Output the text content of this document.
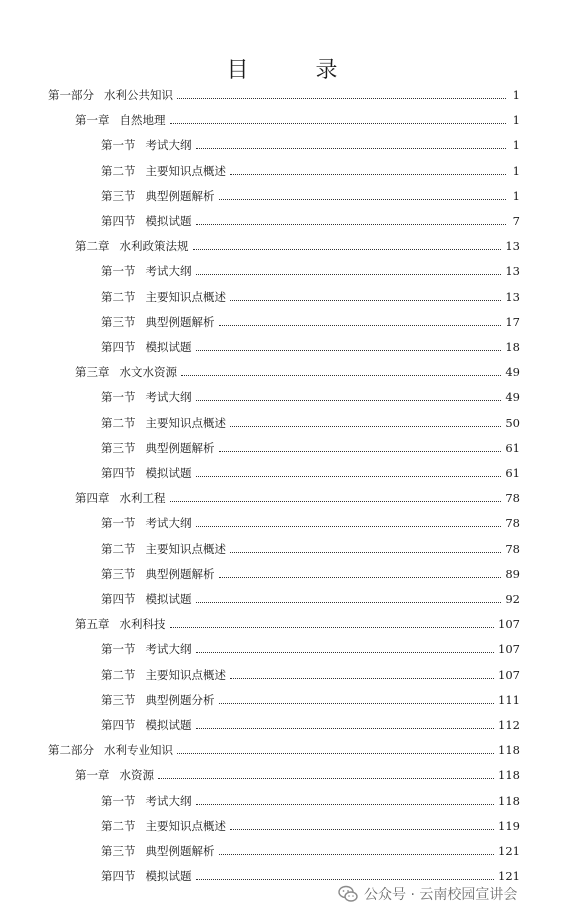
目 录
第一部分 水利公共知识	1
第一章 自然地理	1
第一节 考试大纲	1
第二节 主要知识点概述	1
第三节 典型例题解析	1
第四节 模拟试题	7
第二章 水利政策法规	13
第一节 考试大纲	13
第二节 主要知识点概述	13
第三节 典型例题解析	17
第四节 模拟试题	18
第三章 水文水资源	49
第一节 考试大纲	49
第二节 主要知识点概述	50
第三节 典型例题解析	61
第四节 模拟试题	61
第四章 水利工程	78
第一节 考试大纲	78
第二节 主要知识点概述	78
第三节 典型例题解析	89
第四节 模拟试题	92
第五章 水利科技	107
第一节 考试大纲	107
第二节 主要知识点概述	107
第三节 典型例题分析	111
第四节 模拟试题	112
第二部分 水利专业知识	118
第一章 水资源	118
第一节 考试大纲	118
第二节 主要知识点概述	119
第三节 典型例题解析	121
第四节 模拟试题	121
公众号 · 云南校园宣讲会
